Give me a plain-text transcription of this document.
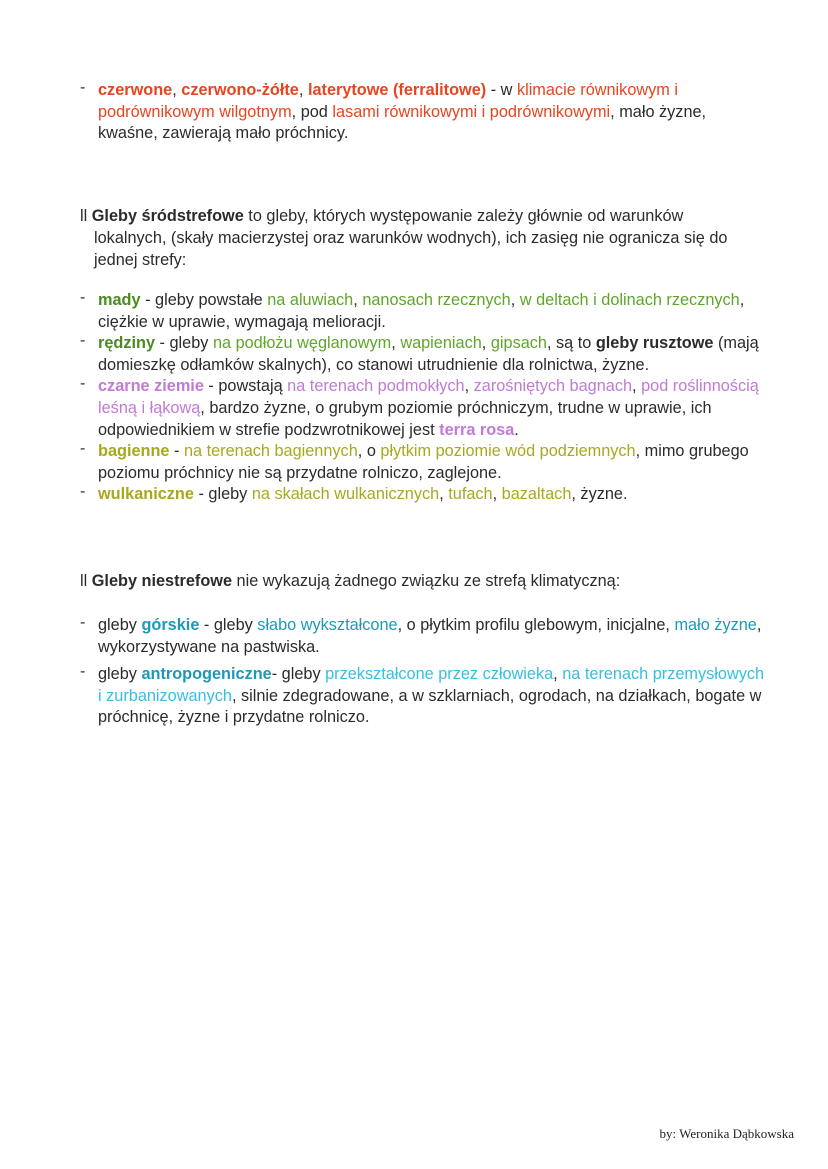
- czerwone, czerwono-żółte, laterytowe (ferralitowe) - w klimacie równikowym i podrównikowym wilgotnym, pod lasami równikowymi i podrównikowymi, mało żyzne, kwaśne, zawierają mało próchnicy.
ll Gleby śródstrefowe to gleby, których występowanie zależy głównie od warunków lokalnych, (skały macierzystej oraz warunków wodnych), ich zasięg nie ogranicza się do jednej strefy:
- mady - gleby powstałe na aluwiach, nanosach rzecznych, w deltach i dolinach rzecznych, ciężkie w uprawie, wymagają melioracji.
- rędziny - gleby na podłożu węglanowym, wapieniach, gipsach, są to gleby rusztowe (mają domieszkę odłamków skalnych), co stanowi utrudnienie dla rolnictwa, żyzne.
- czarne ziemie - powstają na terenach podmokłych, zarośniętych bagnach, pod roślinnością leśną i łąkową, bardzo żyzne, o grubym poziomie próchniczym, trudne w uprawie, ich odpowiednikiem w strefie podzwrotnikowej jest terra rosa.
- bagienne - na terenach bagiennych, o płytkim poziomie wód podziemnych, mimo grubego poziomu próchnicy nie są przydatne rolniczo, zaglejone.
- wulkaniczne - gleby na skałach wulkanicznych, tufach, bazaltach, żyzne.
ll Gleby niestrefowe nie wykazują żadnego związku ze strefą klimatyczną:
- gleby górskie - gleby słabo wykształcone, o płytkim profilu glebowym, inicjalne, mało żyzne, wykorzystywane na pastwiska.
- gleby antropogeniczne- gleby przekształcone przez człowieka, na terenach przemysłowych i zurbanizowanych, silnie zdegradowane, a w szklarniach, ogrodach, na działkach, bogate w próchnicę, żyzne i przydatne rolniczo.
by: Weronika Dąbkowska
